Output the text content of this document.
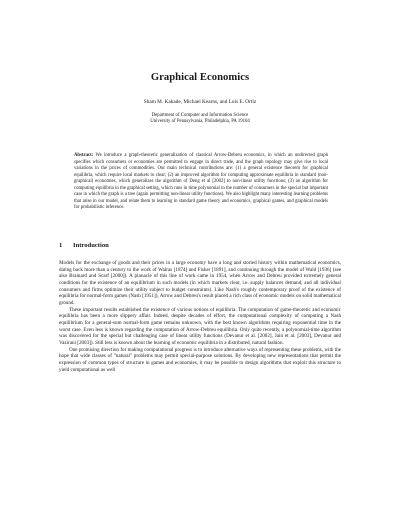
Graphical Economics
Sham M. Kakade, Michael Kearns, and Luis E. Ortiz
Department of Computer and Information Science
University of Pennsylvania, Philadelphia, PA 19104
Abstract: We introduce a graph-theoretic generalization of classical Arrow-Debreu economics, in which an undirected graph specifies which consumers or economies are permitted to engage in direct trade, and the graph topology may give rise to local variations in the prices of commodities. Our main technical contributions are: (1) a general existence theorem for graphical equilibria, which require local markets to clear; (2) an improved algorithm for computing approximate equilibria in standard (non-graphical) economies, which generalizes the algorithm of Deng et al [2002] to non-linear utility functions; (3) an algorithm for computing equilibria in the graphical setting, which runs in time polynomial in the number of consumers in the special but important case in which the graph is a tree (again permitting non-linear utility functions). We also highlight many interesting learning problems that arise in our model, and relate them to learning in standard game theory and economics, graphical games, and graphical models for probabilistic inference.
1 Introduction

Models for the exchange of goods and their prices in a large economy have a long and storied history within mathematical economics, dating back more than a century to the work of Walras [1874] and Fisher [1891], and continuing through the model of Wald [1936] (see also Brainard and Scarf [2000]). A pinnacle of this line of work came in 1954, when Arrow and Debreu provided extremely general conditions for the existence of an equilibrium in such models (in which markets clear, i.e. supply balances demand, and all individual consumers and firms optimize their utility subject to budget constraints). Like Nash's roughly contemporary proof of the existence of equilibria for normal-form games (Nash [1951]), Arrow and Debreu's result placed a rich class of economic models on solid mathematical ground.

These important results established the existence of various notions of equilibria. The computation of game-theoretic and economic equilibria has been a more slippery affair. Indeed, despite decades of effort, the computational complexity of computing a Nash equilibrium for a general-sum normal-form game remains unknown, with the best known algorithms requiring exponential time in the worst case. Even less is known regarding the computation of Arrow-Debreu equilibria. Only quite recently, a polynomial-time algorithm was discovered for the special but challenging case of linear utility functions (Devanur et al. [2002], Jain et al. [2003], Devanur and Vazirani [2003]). Still less is known about the learning of economic equilibria in a distributed, natural fashion.

One promising direction for making computational progress is to introduce alternative ways of representing these problems, with the hope that wide classes of "natural" problems may permit special-purpose solutions. By developing new representations that permit the expression of common types of structure in games and economies, it may be possible to design algorithms that exploit this structure to yield computational as well
